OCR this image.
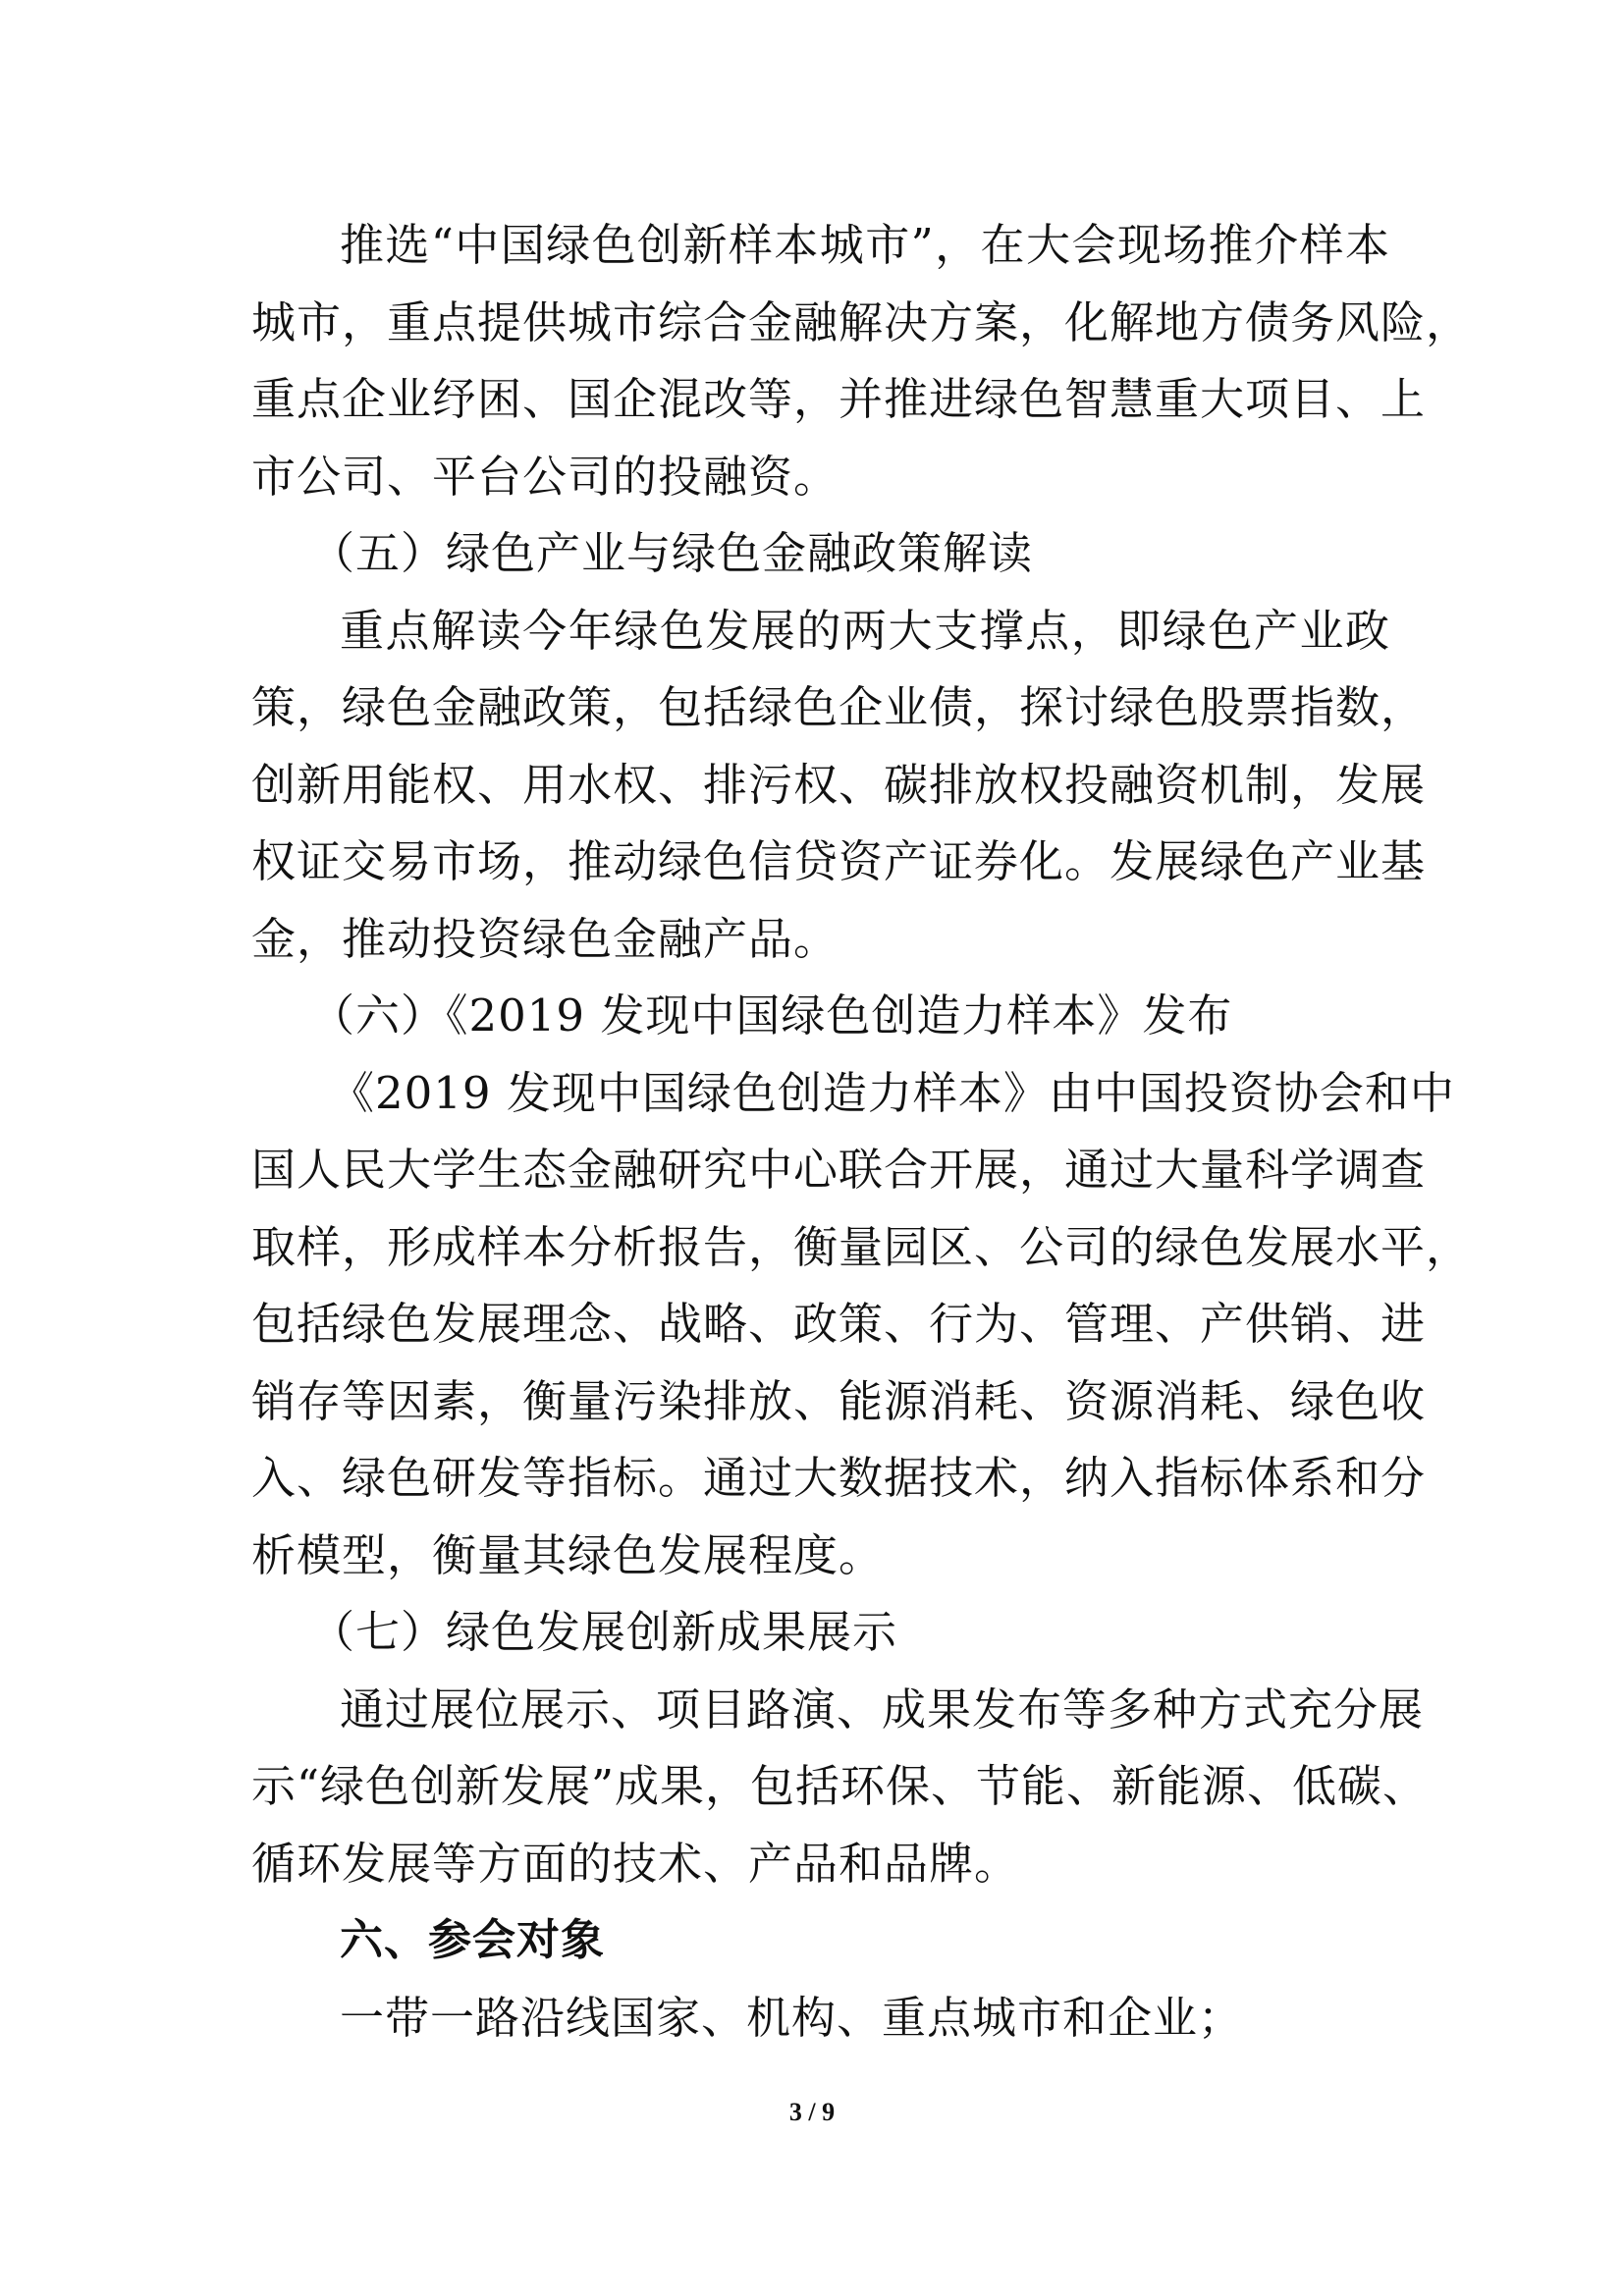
推选“中国绿色创新样本城市”，在大会现场推介样本
城市，重点提供城市综合金融解决方案，化解地方债务风险，
重点企业纾困、国企混改等，并推进绿色智慧重大项目、上
市公司、平台公司的投融资。
（五）绿色产业与绿色金融政策解读
重点解读今年绿色发展的两大支撑点，即绿色产业政
策，绿色金融政策，包括绿色企业债，探讨绿色股票指数，
创新用能权、用水权、排污权、碳排放权投融资机制，发展
权证交易市场，推动绿色信贷资产证券化。发展绿色产业基
金，推动投资绿色金融产品。
（六）《2019 发现中国绿色创造力样本》发布
《2019 发现中国绿色创造力样本》由中国投资协会和中
国人民大学生态金融研究中心联合开展，通过大量科学调查
取样，形成样本分析报告，衡量园区、公司的绿色发展水平，
包括绿色发展理念、战略、政策、行为、管理、产供销、进
销存等因素，衡量污染排放、能源消耗、资源消耗、绿色收
入、绿色研发等指标。通过大数据技术，纳入指标体系和分
析模型，衡量其绿色发展程度。
（七）绿色发展创新成果展示
通过展位展示、项目路演、成果发布等多种方式充分展
示“绿色创新发展”成果，包括环保、节能、新能源、低碳、
循环发展等方面的技术、产品和品牌。
六、参会对象
一带一路沿线国家、机构、重点城市和企业；
3 / 9
